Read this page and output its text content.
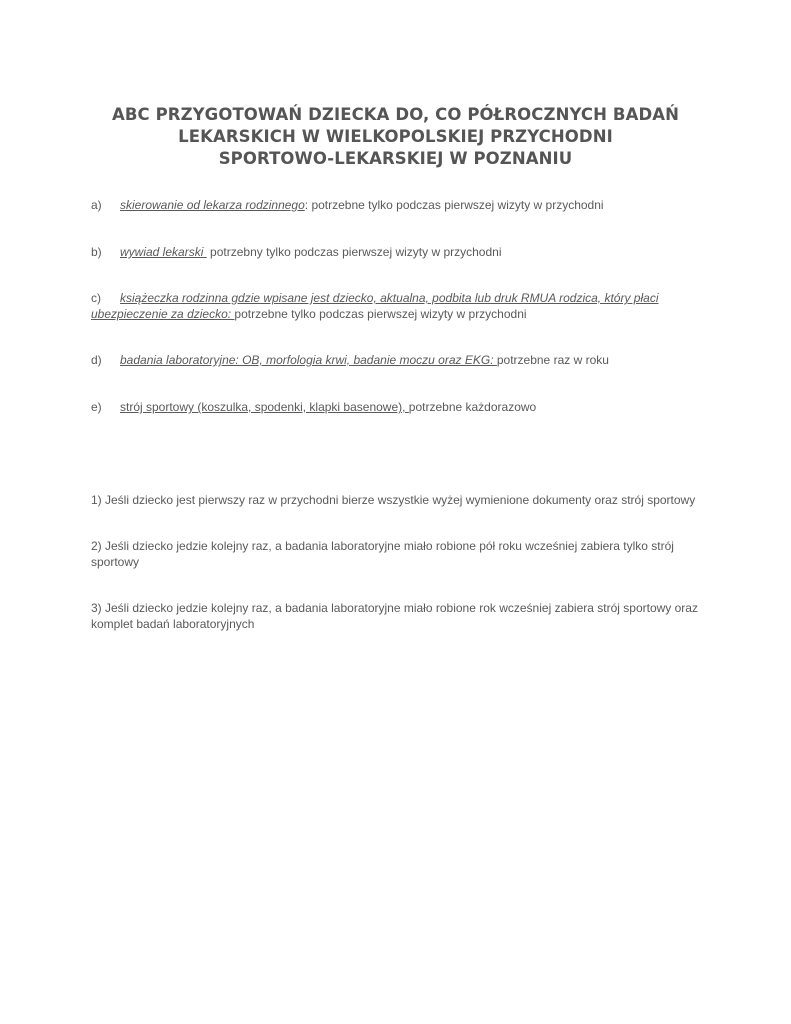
ABC PRZYGOTOWAŃ DZIECKA DO, CO PÓŁROCZNYCH BADAŃ
LEKARSKICH W WIELKOPOLSKIEJ PRZYCHODNI
SPORTOWO-LEKARSKIEJ W POZNANIU
a) skierowanie od lekarza rodzinnego: potrzebne tylko podczas pierwszej wizyty w przychodni
b) wywiad lekarski  potrzebny tylko podczas pierwszej wizyty w przychodni
c) książeczka rodzinna gdzie wpisane jest dziecko, aktualna, podbita lub druk RMUA rodzica, który płaci
ubezpieczenie za dziecko: potrzebne tylko podczas pierwszej wizyty w przychodni
d) badania laboratoryjne: OB, morfologia krwi, badanie moczu oraz EKG: potrzebne raz w roku
e) strój sportowy (koszulka, spodenki, klapki basenowe), potrzebne każdorazowo
1) Jeśli dziecko jest pierwszy raz w przychodni bierze wszystkie wyżej wymienione dokumenty oraz strój sportowy
2) Jeśli dziecko jedzie kolejny raz, a badania laboratoryjne miało robione pół roku wcześniej zabiera tylko strój sportowy
3) Jeśli dziecko jedzie kolejny raz, a badania laboratoryjne miało robione rok wcześniej zabiera strój sportowy oraz komplet badań laboratoryjnych
